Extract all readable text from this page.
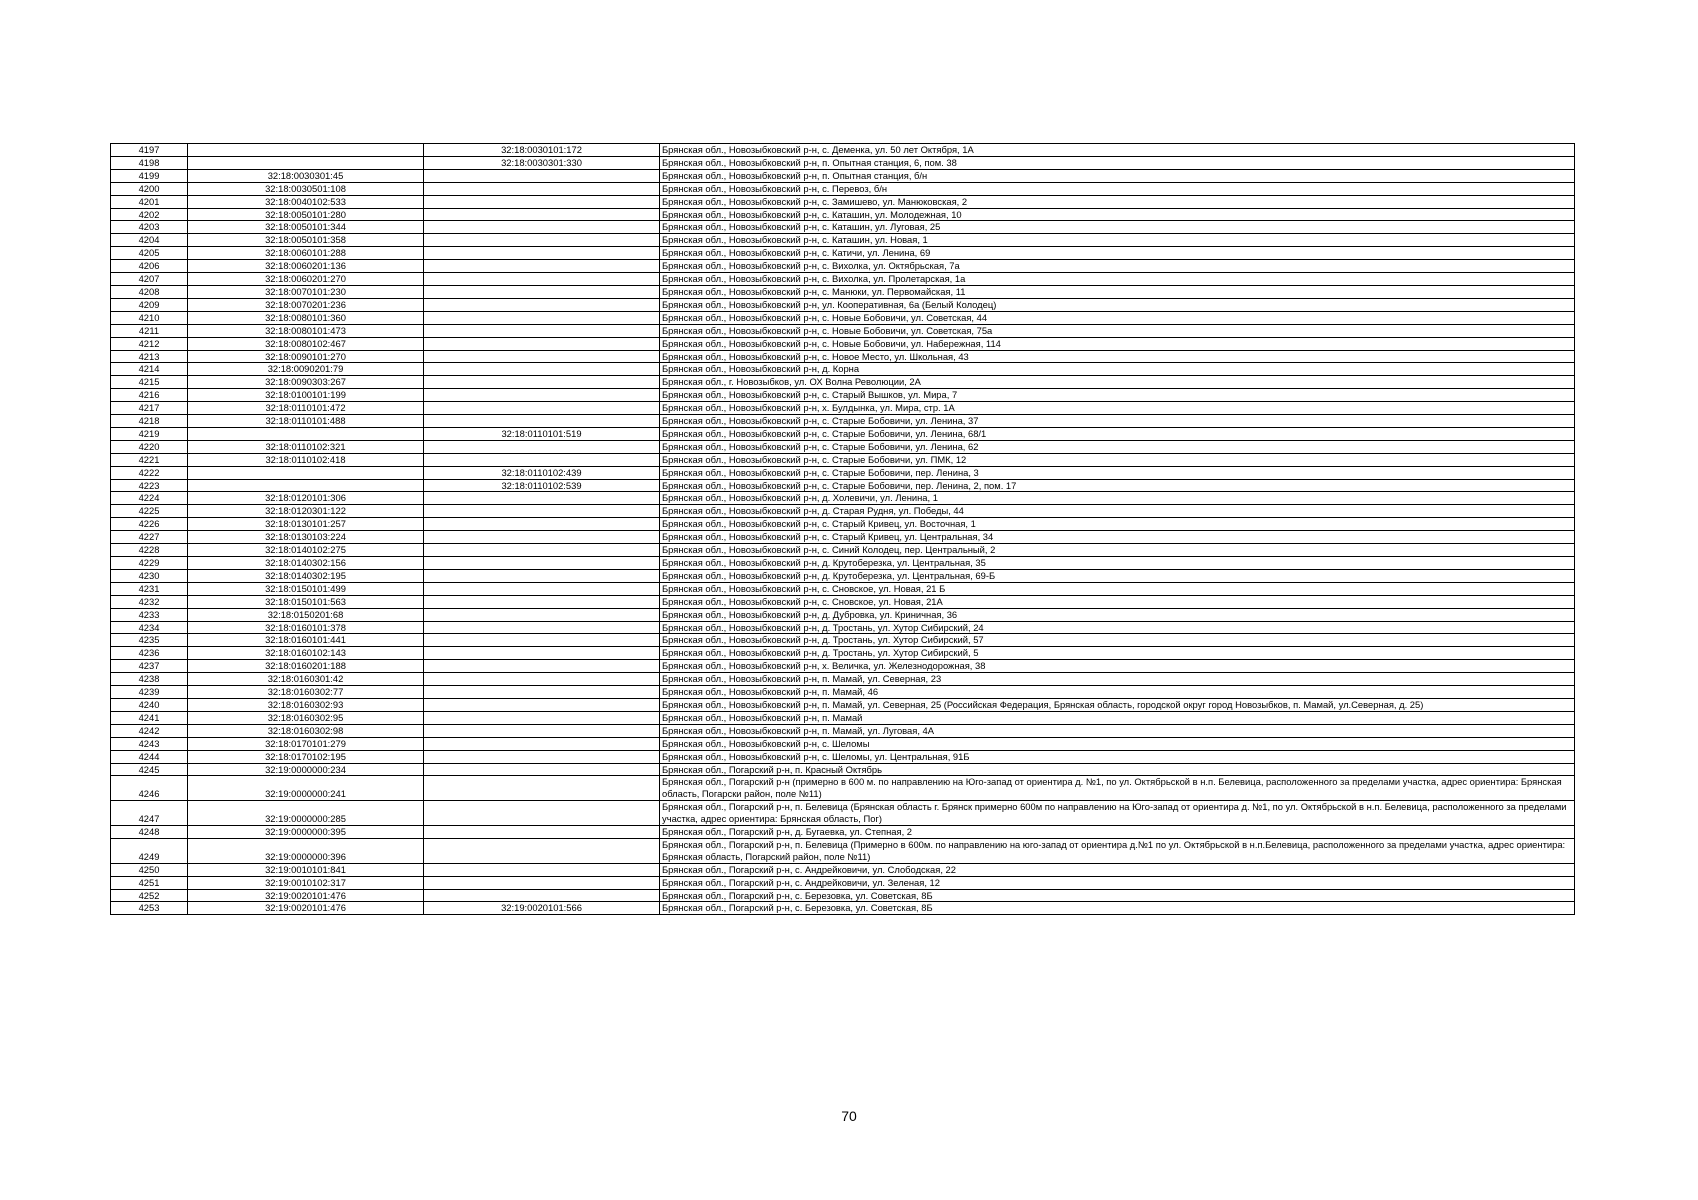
4197		32:18:0030101:172	Брянская обл., Новозыбковский р-н, с. Деменка, ул. 50 лет Октября, 1А
4198		32:18:0030301:330	Брянская обл., Новозыбковский р-н, п. Опытная станция, 6, пом. 38
4199	32:18:0030301:45		Брянская обл., Новозыбковский р-н, п. Опытная станция, б/н
4200	32:18:0030501:108		Брянская обл., Новозыбковский р-н, с. Перевоз, б/н
4201	32:18:0040102:533		Брянская обл., Новозыбковский р-н, с. Замишево, ул. Манюковская, 2
4202	32:18:0050101:280		Брянская обл., Новозыбковский р-н, с. Каташин, ул. Молодежная, 10
4203	32:18:0050101:344		Брянская обл., Новозыбковский р-н, с. Каташин, ул. Луговая, 25
4204	32:18:0050101:358		Брянская обл., Новозыбковский р-н, с. Каташин, ул. Новая, 1
4205	32:18:0060101:288		Брянская обл., Новозыбковский р-н, с. Катичи, ул. Ленина, 69
4206	32:18:0060201:136		Брянская обл., Новозыбковский р-н, с. Вихолка, ул. Октябрьская, 7а
4207	32:18:0060201:270		Брянская обл., Новозыбковский р-н, с. Вихолка, ул. Пролетарская, 1а
4208	32:18:0070101:230		Брянская обл., Новозыбковский р-н, с. Манюки, ул. Первомайская, 11
4209	32:18:0070201:236		Брянская обл., Новозыбковский р-н, ул. Кооперативная, 6а (Белый Колодец)
4210	32:18:0080101:360		Брянская обл., Новозыбковский р-н, с. Новые Бобовичи, ул. Советская, 44
4211	32:18:0080101:473		Брянская обл., Новозыбковский р-н, с. Новые Бобовичи, ул. Советская, 75а
4212	32:18:0080102:467		Брянская обл., Новозыбковский р-н, с. Новые Бобовичи, ул. Набережная, 114
4213	32:18:0090101:270		Брянская обл., Новозыбковский р-н, с. Новое Место, ул. Школьная, 43
4214	32:18:0090201:79		Брянская обл., Новозыбковский р-н, д. Корна
4215	32:18:0090303:267		Брянская обл., г. Новозыбков, ул. ОХ Волна Революции, 2А
4216	32:18:0100101:199		Брянская обл., Новозыбковский р-н, с. Старый Вышков, ул. Мира, 7
4217	32:18:0110101:472		Брянская обл., Новозыбковский р-н, х. Булдынка, ул. Мира, стр. 1А
4218	32:18:0110101:488		Брянская обл., Новозыбковский р-н, с. Старые Бобовичи, ул. Ленина, 37
4219		32:18:0110101:519	Брянская обл., Новозыбковский р-н, с. Старые Бобовичи, ул. Ленина, 68/1
4220	32:18:0110102:321		Брянская обл., Новозыбковский р-н, с. Старые Бобовичи, ул. Ленина, 62
4221	32:18:0110102:418		Брянская обл., Новозыбковский р-н, с. Старые Бобовичи, ул. ПМК, 12
4222		32:18:0110102:439	Брянская обл., Новозыбковский р-н, с. Старые Бобовичи, пер. Ленина, 3
4223		32:18:0110102:539	Брянская обл., Новозыбковский р-н, с. Старые Бобовичи, пер. Ленина, 2, пом. 17
4224	32:18:0120101:306		Брянская обл., Новозыбковский р-н, д. Холевичи, ул. Ленина, 1
4225	32:18:0120301:122		Брянская обл., Новозыбковский р-н, д. Старая Рудня, ул. Победы, 44
4226	32:18:0130101:257		Брянская обл., Новозыбковский р-н, с. Старый Кривец, ул. Восточная, 1
4227	32:18:0130103:224		Брянская обл., Новозыбковский р-н, с. Старый Кривец, ул. Центральная, 34
4228	32:18:0140102:275		Брянская обл., Новозыбковский р-н, с. Синий Колодец, пер. Центральный, 2
4229	32:18:0140302:156		Брянская обл., Новозыбковский р-н, д. Крутоберезка, ул. Центральная, 35
4230	32:18:0140302:195		Брянская обл., Новозыбковский р-н, д. Крутоберезка, ул. Центральная, 69-Б
4231	32:18:0150101:499		Брянская обл., Новозыбковский р-н, с. Сновское, ул. Новая, 21 Б
4232	32:18:0150101:563		Брянская обл., Новозыбковский р-н, с. Сновское, ул. Новая, 21А
4233	32:18:0150201:68		Брянская обл., Новозыбковский р-н, д. Дубровка, ул. Криничная, 36
4234	32:18:0160101:378		Брянская обл., Новозыбковский р-н, д. Тростань, ул. Хутор Сибирский, 24
4235	32:18:0160101:441		Брянская обл., Новозыбковский р-н, д. Тростань, ул. Хутор Сибирский, 57
4236	32:18:0160102:143		Брянская обл., Новозыбковский р-н, д. Тростань, ул. Хутор Сибирский, 5
4237	32:18:0160201:188		Брянская обл., Новозыбковский р-н, х. Величка, ул. Железнодорожная, 38
4238	32:18:0160301:42		Брянская обл., Новозыбковский р-н, п. Мамай, ул. Северная, 23
4239	32:18:0160302:77		Брянская обл., Новозыбковский р-н, п. Мамай, 46
4240	32:18:0160302:93		Брянская обл., Новозыбковский р-н, п. Мамай, ул. Северная, 25 (Российская Федерация, Брянская область, городской округ город Новозыбков, п. Мамай, ул.Северная, д. 25)
4241	32:18:0160302:95		Брянская обл., Новозыбковский р-н, п. Мамай
4242	32:18:0160302:98		Брянская обл., Новозыбковский р-н, п. Мамай, ул. Луговая, 4А
4243	32:18:0170101:279		Брянская обл., Новозыбковский р-н, с. Шеломы
4244	32:18:0170102:195		Брянская обл., Новозыбковский р-н, с. Шеломы, ул. Центральная, 91Б
4245	32:19:0000000:234		Брянская обл., Погарский р-н, п. Красный Октябрь
4246	32:19:0000000:241		Брянская обл., Погарский р-н (примерно в 600 м. по направлению на Юго-запад от ориентира д. №1, по ул. Октябрьской в н.п. Белевица, расположенного за пределами участка, адрес ориентира: Брянская область, Погарски район, поле №11)
4247	32:19:0000000:285		Брянская обл., Погарский р-н, п. Белевица (Брянская область г. Брянск примерно 600м по направлению на Юго-запад от ориентира д. №1, по ул. Октябрьской в н.п. Белевица, расположенного за пределами участка, адрес ориентира: Брянская область, Пог)
4248	32:19:0000000:395		Брянская обл., Погарский р-н, д. Бугаевка, ул. Степная, 2
4249	32:19:0000000:396		Брянская обл., Погарский р-н, п. Белевица (Примерно в 600м. по направлению на юго-запад от ориентира д.№1 по ул. Октябрьской в н.п.Белевица, расположенного за пределами участка, адрес ориентира: Брянская область, Погарский район, поле №11)
4250	32:19:0010101:841		Брянская обл., Погарский р-н, с. Андрейковичи, ул. Слободская, 22
4251	32:19:0010102:317		Брянская обл., Погарский р-н, с. Андрейковичи, ул. Зеленая, 12
4252	32:19:0020101:476		Брянская обл., Погарский р-н, с. Березовка, ул. Советская, 8Б
4253	32:19:0020101:476	32:19:0020101:566	Брянская обл., Погарский р-н, с. Березовка, ул. Советская, 8Б
70
